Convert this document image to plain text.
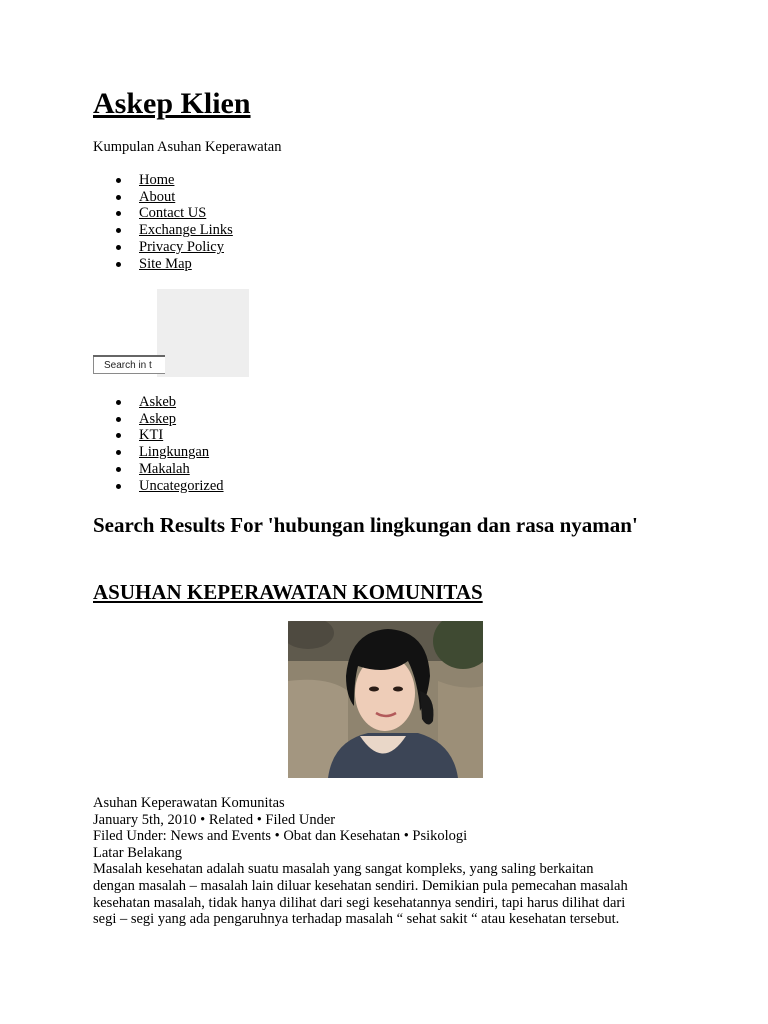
Askep Klien

Kumpulan Asuhan Keperawatan

Home
About
Contact US
Exchange Links
Privacy Policy
Site Map
Search in t
Askeb
Askep
KTI
Lingkungan
Makalah
Uncategorized
Search Results For 'hubungan lingkungan dan rasa nyaman'
ASUHAN KEPERAWATAN KOMUNITAS
Asuhan Keperawatan Komunitas
January 5th, 2010 • Related • Filed Under
Filed Under: News and Events • Obat dan Kesehatan • Psikologi
Latar Belakang
Masalah kesehatan adalah suatu masalah yang sangat kompleks, yang saling berkaitan
dengan masalah – masalah lain diluar kesehatan sendiri. Demikian pula pemecahan masalah
kesehatan masalah, tidak hanya dilihat dari segi kesehatannya sendiri, tapi harus dilihat dari
segi – segi yang ada pengaruhnya terhadap masalah “ sehat sakit “ atau kesehatan tersebut.
